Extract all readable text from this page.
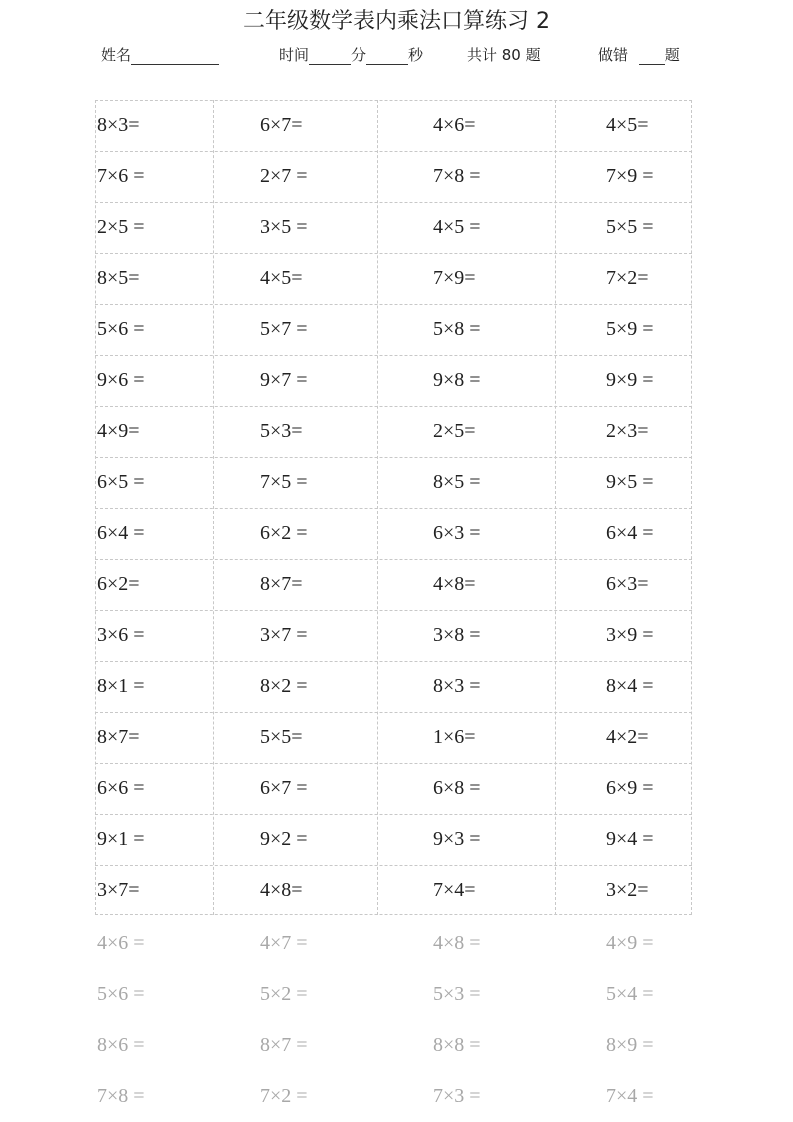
二年级数学表内乘法口算练习 2
姓名	时间	分	秒	共计 80 题	做错 题
8×3=	6×7=	4×6=	4×5=
7×6 =	2×7 =	7×8 =	7×9 =
2×5 =	3×5 =	4×5 =	5×5 =
8×5=	4×5=	7×9=	7×2=
5×6 =	5×7 =	5×8 =	5×9 =
9×6 =	9×7 =	9×8 =	9×9 =
4×9=	5×3=	2×5=	2×3=
6×5 =	7×5 =	8×5 =	9×5 =
6×4 =	6×2 =	6×3 =	6×4 =
6×2=	8×7=	4×8=	6×3=
3×6 =	3×7 =	3×8 =	3×9 =
8×1 =	8×2 =	8×3 =	8×4 =
8×7=	5×5=	1×6=	4×2=
6×6 =	6×7 =	6×8 =	6×9 =
9×1 =	9×2 =	9×3 =	9×4 =
3×7=	4×8=	7×4=	3×2=
4×6 =	4×7 =	4×8 =	4×9 =
5×6 =	5×2 =	5×3 =	5×4 =
8×6 =	8×7 =	8×8 =	8×9 =
7×8 =	7×2 =	7×3 =	7×4 =
